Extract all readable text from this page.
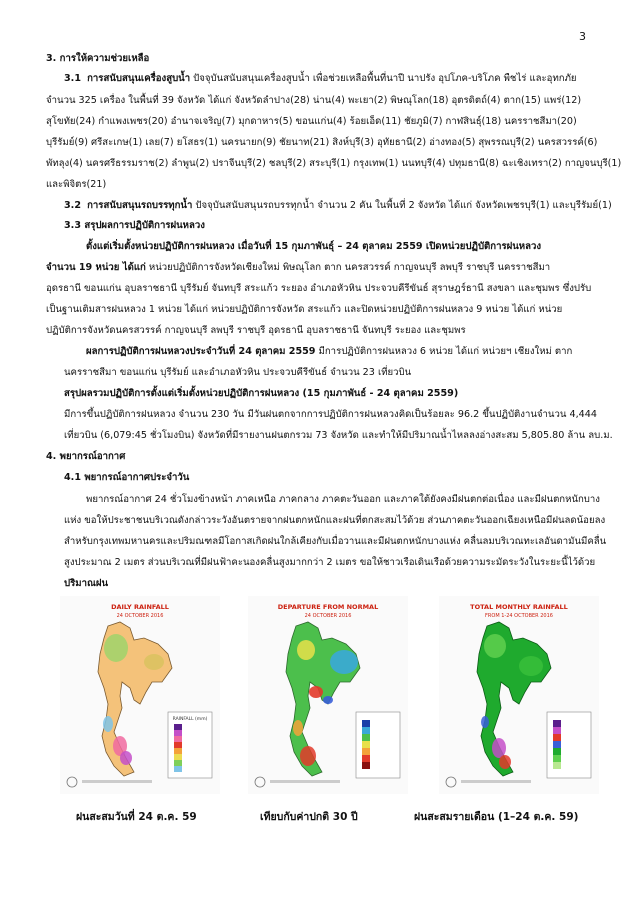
3
3. การให้ความช่วยเหลือ
3.1 การสนับสนุนเครื่องสูบน้ำ ปัจจุบันสนับสนุนเครื่องสูบน้ำ เพื่อช่วยเหลือพื้นที่นาปี นาปรัง อุปโภค-บริโภค พืชไร่ และอุทกภัย
จำนวน 325 เครื่อง ในพื้นที่ 39 จังหวัด ได้แก่ จังหวัดลำปาง(28) น่าน(4) พะเยา(2) พิษณุโลก(18) อุตรดิตถ์(4) ตาก(15) แพร่(12)
สุโขทัย(24) กำแพงเพชร(20) อำนาจเจริญ(7) มุกดาหาร(5) ขอนแก่น(4) ร้อยเอ็ด(11) ชัยภูมิ(7) กาฬสินธุ์(18) นครราชสีมา(20)
บุรีรัมย์(9) ศรีสะเกษ(1) เลย(7) ยโสธร(1) นครนายก(9) ชัยนาท(21) สิงห์บุรี(3) อุทัยธานี(2) อ่างทอง(5) สุพรรณบุรี(2) นครสวรรค์(6)
พัทลุง(4) นครศรีธรรมราช(2) ลำพูน(2) ปราจีนบุรี(2) ชลบุรี(2) สระบุรี(1) กรุงเทพ(1) นนทบุรี(4) ปทุมธานี(8) ฉะเชิงเทรา(2) กาญจนบุรี(1)
และพิจิตร(21)
3.2 การสนับสนุนรถบรรทุกน้ำ ปัจจุบันสนับสนุนรถบรรทุกน้ำ จำนวน 2 คัน ในพื้นที่ 2 จังหวัด ได้แก่ จังหวัดเพชรบุรี(1) และบุรีรัมย์(1)
3.3 สรุปผลการปฏิบัติการฝนหลวง
ตั้งแต่เริ่มตั้งหน่วยปฏิบัติการฝนหลวง เมื่อวันที่ 15 กุมภาพันธุ์ – 24 ตุลาคม 2559 เปิดหน่วยปฏิบัติการฝนหลวง
จำนวน 19 หน่วย ได้แก่ หน่วยปฏิบัติการจังหวัดเชียงใหม่ พิษณุโลก ตาก นครสวรรค์ กาญจนบุรี ลพบุรี ราชบุรี นครราชสีมา
อุดรธานี ขอนแก่น อุบลราชธานี บุรีรัมย์ จันทบุรี สระแก้ว ระยอง อำเภอหัวหิน ประจวบคีรีขันธ์ สุราษฎร์ธานี สงขลา และชุมพร ซึ่งปรับ
เป็นฐานเติมสารฝนหลวง 1 หน่วย ได้แก่ หน่วยปฏิบัติการจังหวัด สระแก้ว และปิดหน่วยปฏิบัติการฝนหลวง 9 หน่วย ได้แก่ หน่วย
ปฏิบัติการจังหวัดนครสวรรค์ กาญจนบุรี ลพบุรี ราชบุรี อุดรธานี อุบลราชธานี จันทบุรี ระยอง และชุมพร
ผลการปฏิบัติการฝนหลวงประจำวันที่ 24 ตุลาคม 2559 มีการปฏิบัติการฝนหลวง 6 หน่วย ได้แก่ หน่วยฯ เชียงใหม่ ตาก
นครราชสีมา ขอนแก่น บุรีรัมย์ และอำเภอหัวหิน ประจวบคีรีขันธ์ จำนวน 23 เที่ยวบิน
สรุปผลรวมปฏิบัติการตั้งแต่เริ่มตั้งหน่วยปฏิบัติการฝนหลวง (15 กุมภาพันธ์ - 24 ตุลาคม 2559)
มีการขึ้นปฏิบัติการฝนหลวง จำนวน 230 วัน มีวันฝนตกจากการปฏิบัติการฝนหลวงคิดเป็นร้อยละ 96.2 ขึ้นปฏิบัติงานจำนวน 4,444
เที่ยวบิน (6,079:45 ชั่วโมงบิน) จังหวัดที่มีรายงานฝนตกรวม 73 จังหวัด และทำให้มีปริมาณน้ำไหลลงอ่างสะสม 5,805.80 ล้าน ลบ.ม.
4. พยากรณ์อากาศ
4.1 พยากรณ์อากาศประจำวัน
พยากรณ์อากาศ 24 ชั่วโมงข้างหน้า ภาคเหนือ ภาคกลาง ภาคตะวันออก และภาคใต้ยังคงมีฝนตกต่อเนื่อง และมีฝนตกหนักบาง
แห่ง ขอให้ประชาชนบริเวณดังกล่าวระวังอันตรายจากฝนตกหนักและฝนที่ตกสะสมไว้ด้วย ส่วนภาคตะวันออกเฉียงเหนือมีฝนลดน้อยลง
สำหรับกรุงเทพมหานครและปริมณฑลมีโอกาสเกิดฝนใกล้เคียงกับเมื่อวานและมีฝนตกหนักบางแห่ง คลื่นลมบริเวณทะเลอันดามันมีคลื่น
สูงประมาณ 2 เมตร ส่วนบริเวณที่มีฝนฟ้าคะนองคลื่นสูงมากกว่า 2 เมตร ขอให้ชาวเรือเดินเรือด้วยความระมัดระวังในระยะนี้ไว้ด้วย
ปริมาณฝน
DAILY RAINFALL
24 OCTOBER 2016
RAINFALL (mm)
DEPARTURE FROM NORMAL
24 OCTOBER 2016
TOTAL MONTHLY RAINFALL
FROM 1-24 OCTOBER 2016
ฝนสะสมวันที่ 24 ต.ค. 59	เทียบกับค่าปกติ 30 ปี	ฝนสะสมรายเดือน (1–24 ต.ค. 59)
